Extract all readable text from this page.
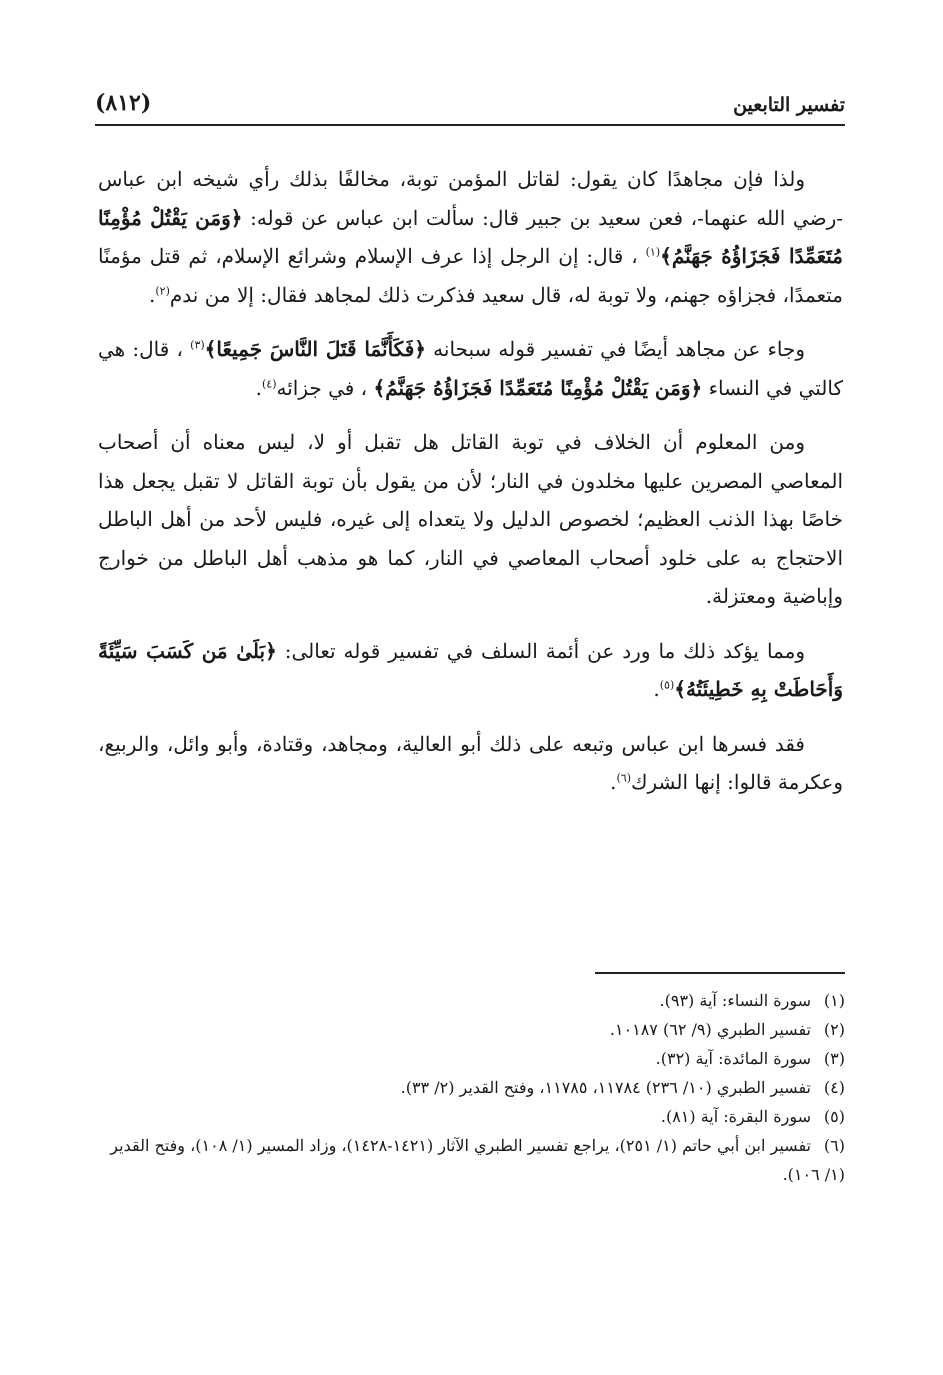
تفسير التابعين
(٨١٢)

ولذا فإن مجاهدًا كان يقول: لقاتل المؤمن توبة، مخالفًا بذلك رأي شيخه ابن عباس -رضي الله عنهما-، فعن سعيد بن جبير قال: سألت ابن عباس عن قوله: ﴿وَمَن يَقْتُلْ مُؤْمِنًا مُتَعَمِّدًا فَجَزَاؤُهُ جَهَنَّمُ﴾$^{(١)}$ ، قال: إن الرجل إذا عرف الإسلام وشرائع الإسلام، ثم قتل مؤمنًا متعمدًا، فجزاؤه جهنم، ولا توبة له، قال سعيد فذكرت ذلك لمجاهد فقال: إلا من ندم$^{(٢)}$.

وجاء عن مجاهد أيضًا في تفسير قوله سبحانه ﴿فَكَأَنَّمَا قَتَلَ النَّاسَ جَمِيعًا﴾$^{(٣)}$ ، قال: هي كالتي في النساء ﴿وَمَن يَقْتُلْ مُؤْمِنًا مُتَعَمِّدًا فَجَزَاؤُهُ جَهَنَّمُ﴾ ، في جزائه$^{(٤)}$.

ومن المعلوم أن الخلاف في توبة القاتل هل تقبل أو لا، ليس معناه أن أصحاب المعاصي المصرين عليها مخلدون في النار؛ لأن من يقول بأن توبة القاتل لا تقبل يجعل هذا خاصًا بهذا الذنب العظيم؛ لخصوص الدليل ولا يتعداه إلى غيره، فليس لأحد من أهل الباطل الاحتجاج به على خلود أصحاب المعاصي في النار، كما هو مذهب أهل الباطل من خوارج وإباضية ومعتزلة.

ومما يؤكد ذلك ما ورد عن أئمة السلف في تفسير قوله تعالى: ﴿بَلَىٰ مَن كَسَبَ سَيِّئَةً وَأَحَاطَتْ بِهِ خَطِيئَتُهُ﴾$^{(٥)}$.

فقد فسرها ابن عباس وتبعه على ذلك أبو العالية، ومجاهد، وقتادة، وأبو وائل، والربيع، وعكرمة قالوا: إنها الشرك$^{(٦)}$.

(١)سورة النساء: آية (٩٣).

(٢)تفسير الطبري (٩/ ٦٢) ١٠١٨٧.

(٣)سورة المائدة: آية (٣٢).

(٤)تفسير الطبري (١٠/ ٢٣٦) ١١٧٨٤، ١١٧٨٥، وفتح القدير (٢/ ٣٣).

(٥)سورة البقرة: آية (٨١).

(٦)تفسير ابن أبي حاتم (١/ ٢٥١)، يراجع تفسير الطبري الآثار (١٤٢١-١٤٢٨)، وزاد المسير (١/ ١٠٨)، وفتح القدير (١/ ١٠٦).
